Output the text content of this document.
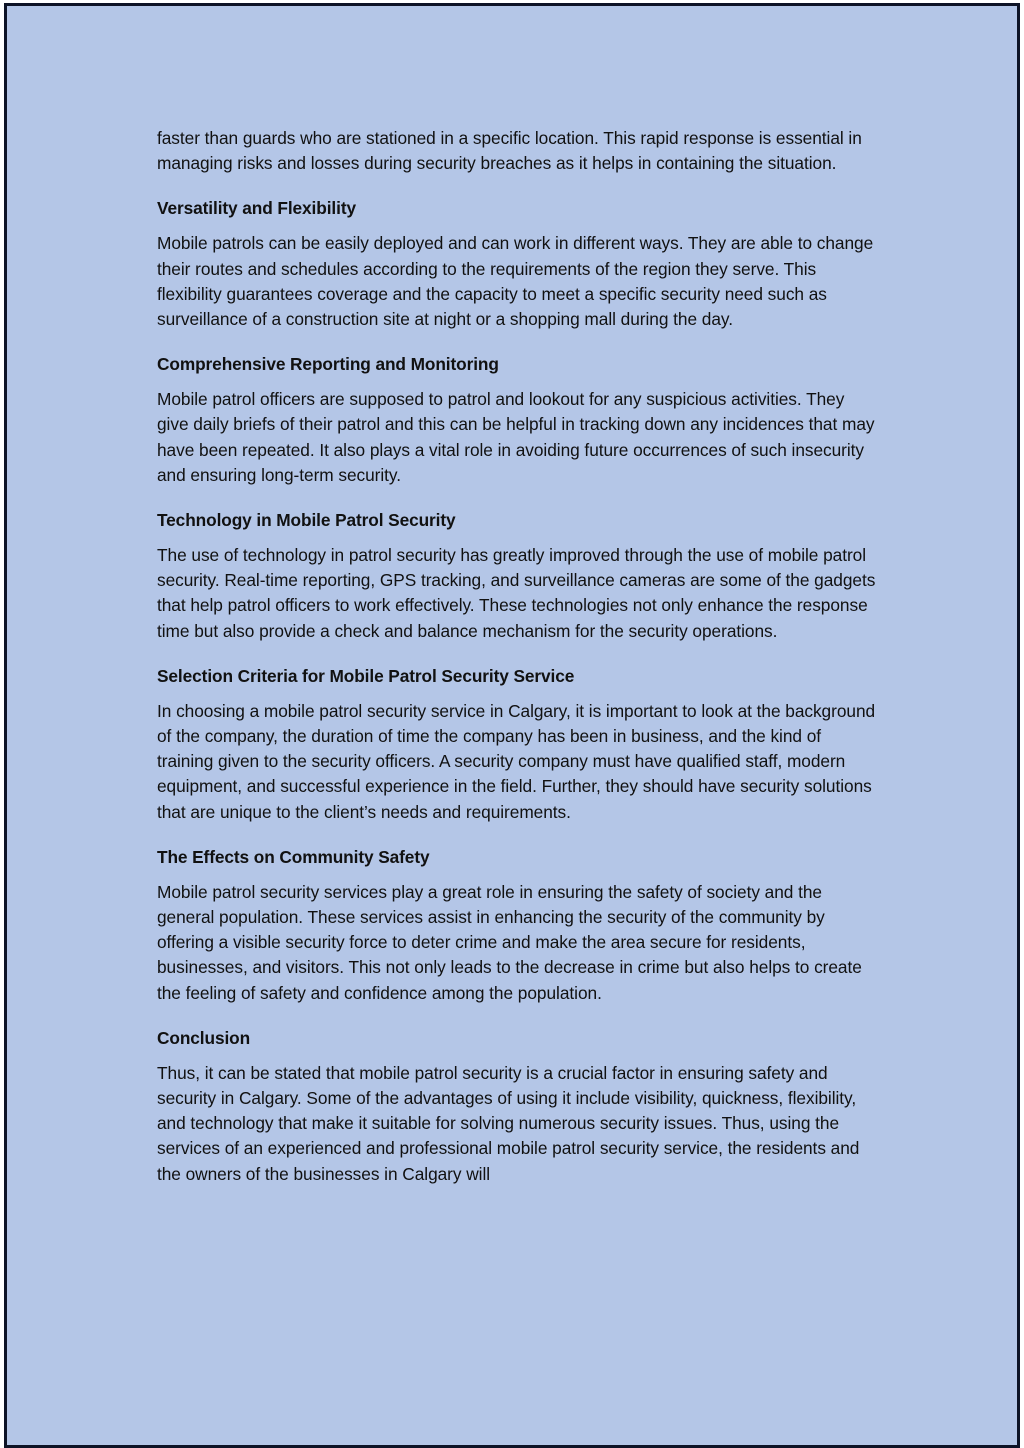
faster than guards who are stationed in a specific location. This rapid response is essential in managing risks and losses during security breaches as it helps in containing the situation.

Versatility and Flexibility

Mobile patrols can be easily deployed and can work in different ways. They are able to change their routes and schedules according to the requirements of the region they serve. This flexibility guarantees coverage and the capacity to meet a specific security need such as surveillance of a construction site at night or a shopping mall during the day.

Comprehensive Reporting and Monitoring

Mobile patrol officers are supposed to patrol and lookout for any suspicious activities. They give daily briefs of their patrol and this can be helpful in tracking down any incidences that may have been repeated. It also plays a vital role in avoiding future occurrences of such insecurity and ensuring long-term security.

Technology in Mobile Patrol Security

The use of technology in patrol security has greatly improved through the use of mobile patrol security. Real-time reporting, GPS tracking, and surveillance cameras are some of the gadgets that help patrol officers to work effectively. These technologies not only enhance the response time but also provide a check and balance mechanism for the security operations.

Selection Criteria for Mobile Patrol Security Service

In choosing a mobile patrol security service in Calgary, it is important to look at the background of the company, the duration of time the company has been in business, and the kind of training given to the security officers. A security company must have qualified staff, modern equipment, and successful experience in the field. Further, they should have security solutions that are unique to the client’s needs and requirements.

The Effects on Community Safety

Mobile patrol security services play a great role in ensuring the safety of society and the general population. These services assist in enhancing the security of the community by offering a visible security force to deter crime and make the area secure for residents, businesses, and visitors. This not only leads to the decrease in crime but also helps to create the feeling of safety and confidence among the population.

Conclusion

Thus, it can be stated that mobile patrol security is a crucial factor in ensuring safety and security in Calgary. Some of the advantages of using it include visibility, quickness, flexibility, and technology that make it suitable for solving numerous security issues. Thus, using the services of an experienced and professional mobile patrol security service, the residents and the owners of the businesses in Calgary will
